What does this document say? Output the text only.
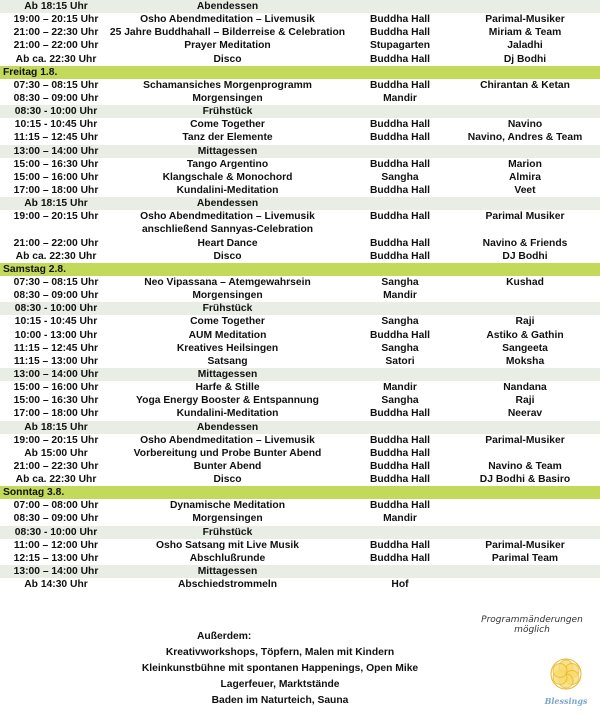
Ab 18:15 Uhr	Abendessen
19:00 – 20:15 Uhr	Osho Abendmeditation – Livemusik	Buddha Hall	Parimal-Musiker
21:00 – 22:30 Uhr	25 Jahre Buddhahall – Bilderreise & Celebration	Buddha Hall	Miriam & Team
21:00 – 22:00 Uhr	Prayer Meditation	Stupagarten	Jaladhi
Ab ca. 22:30 Uhr	Disco	Buddha Hall	Dj Bodhi
Freitag 1.8.
07:30 – 08:15 Uhr	Schamansiches Morgenprogramm	Buddha Hall	Chirantan & Ketan
08:30 – 09:00 Uhr	Morgensingen	Mandir
08:30 - 10:00 Uhr	Frühstück
10:15 - 10:45 Uhr	Come Together	Buddha Hall	Navino
11:15 – 12:45 Uhr	Tanz der Elemente	Buddha Hall	Navino, Andres & Team
13:00 – 14:00 Uhr	Mittagessen
15:00 – 16:30 Uhr	Tango Argentino	Buddha Hall	Marion
15:00 – 16:00 Uhr	Klangschale & Monochord	Sangha	Almira
17:00 – 18:00 Uhr	Kundalini-Meditation	Buddha Hall	Veet
Ab 18:15 Uhr	Abendessen
19:00 – 20:15 Uhr	Osho Abendmeditation – Livemusik	Buddha Hall	Parimal Musiker
anschließend Sannyas-Celebration
21:00 – 22:00 Uhr	Heart Dance	Buddha Hall	Navino & Friends
Ab ca. 22:30 Uhr	Disco	Buddha Hall	DJ Bodhi
Samstag 2.8.
07:30 – 08:15 Uhr	Neo Vipassana – Atemgewahrsein	Sangha	Kushad
08:30 – 09:00 Uhr	Morgensingen	Mandir
08:30 - 10:00 Uhr	Frühstück
10:15 - 10:45 Uhr	Come Together	Sangha	Raji
10:00 - 13:00 Uhr	AUM Meditation	Buddha Hall	Astiko & Gathin
11:15 – 12:45 Uhr	Kreatives Heilsingen	Sangha	Sangeeta
11:15 – 13:00 Uhr	Satsang	Satori	Moksha
13:00 – 14:00 Uhr	Mittagessen
15:00 – 16:00 Uhr	Harfe & Stille	Mandir	Nandana
15:00 – 16:30 Uhr	Yoga Energy Booster & Entspannung	Sangha	Raji
17:00 – 18:00 Uhr	Kundalini-Meditation	Buddha Hall	Neerav
Ab 18:15 Uhr	Abendessen
19:00 – 20:15 Uhr	Osho Abendmeditation – Livemusik	Buddha Hall	Parimal-Musiker
Ab 15:00 Uhr	Vorbereitung und Probe Bunter Abend	Buddha Hall
21:00 – 22:30 Uhr	Bunter Abend	Buddha Hall	Navino & Team
Ab ca. 22:30 Uhr	Disco	Buddha Hall	DJ Bodhi & Basiro
Sonntag 3.8.
07:00 – 08:00 Uhr	Dynamische Meditation	Buddha Hall
08:30 – 09:00 Uhr	Morgensingen	Mandir
08:30 - 10:00 Uhr	Frühstück
11:00 – 12:00 Uhr	Osho Satsang mit Live Musik	Buddha Hall	Parimal-Musiker
12:15 – 13:00 Uhr	Abschlußrunde	Buddha Hall	Parimal Team
13:00 – 14:00 Uhr	Mittagessen
Ab 14:30 Uhr	Abschiedstrommeln	Hof
Programmänderungen
möglich
Außerdem:
Kreativworkshops, Töpfern, Malen mit Kindern
Kleinkunstbühne mit spontanen Happenings, Open Mike
Lagerfeuer, Marktstände
Baden im Naturteich, Sauna	Blessings
